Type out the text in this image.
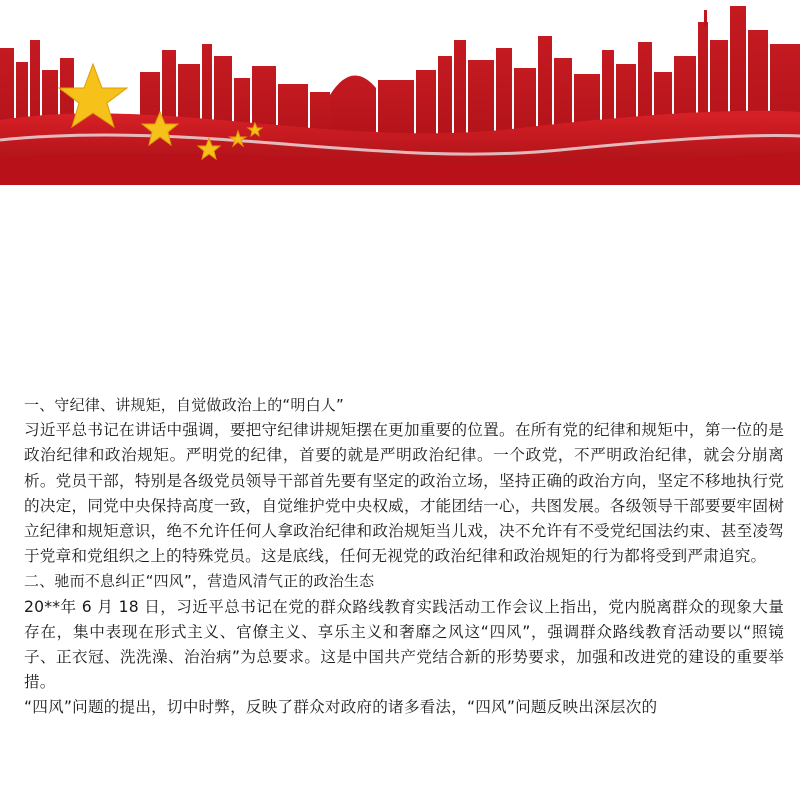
一、守纪律、讲规矩，自觉做政治上的“明白人”

习近平总书记在讲话中强调，要把守纪律讲规矩摆在更加重要的位置。在所有党的纪律和规矩中，第一位的是政治纪律和政治规矩。严明党的纪律，首要的就是严明政治纪律。一个政党，不严明政治纪律，就会分崩离析。党员干部，特别是各级党员领导干部首先要有坚定的政治立场，坚持正确的政治方向，坚定不移地执行党的决定，同党中央保持高度一致，自觉维护党中央权威，才能团结一心，共图发展。各级领导干部要要牢固树立纪律和规矩意识，绝不允许任何人拿政治纪律和政治规矩当儿戏，决不允许有不受党纪国法约束、甚至凌驾于党章和党组织之上的特殊党员。这是底线，任何无视党的政治纪律和政治规矩的行为都将受到严肃追究。

二、驰而不息纠正“四风”，营造风清气正的政治生态

20**年 6 月 18 日，习近平总书记在党的群众路线教育实践活动工作会议上指出，党内脱离群众的现象大量存在，集中表现在形式主义、官僚主义、享乐主义和奢靡之风这“四风”，强调群众路线教育活动要以“照镜子、正衣冠、洗洗澡、治治病”为总要求。这是中国共产党结合新的形势要求，加强和改进党的建设的重要举措。

“四风”问题的提出，切中时弊，反映了群众对政府的诸多看法，“四风”问题反映出深层次的
